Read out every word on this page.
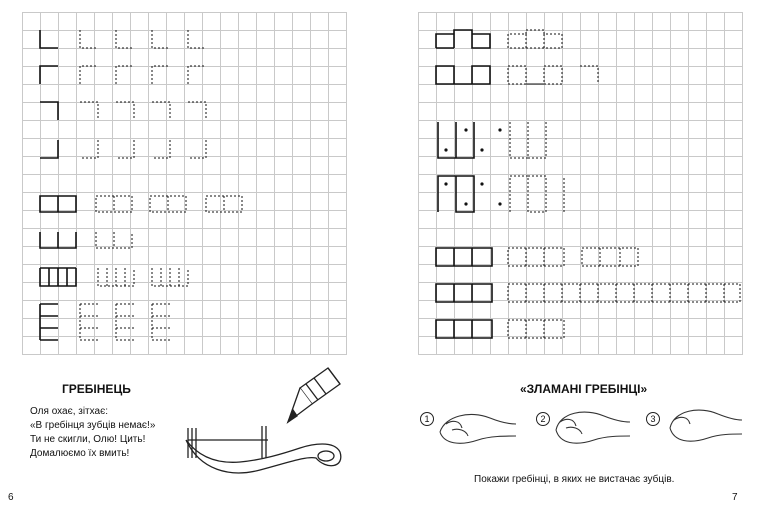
ГРЕБІНЕЦЬ
Оля охає, зітхає:
«В гребінця зубців немає!»
Ти не скигли, Олю! Цить!
Домалюємо їх вмить!
«ЗЛАМАНІ ГРЕБІНЦІ»
1	2	3
Покажи гребінці, в яких не вистачає зубців.
6	7
